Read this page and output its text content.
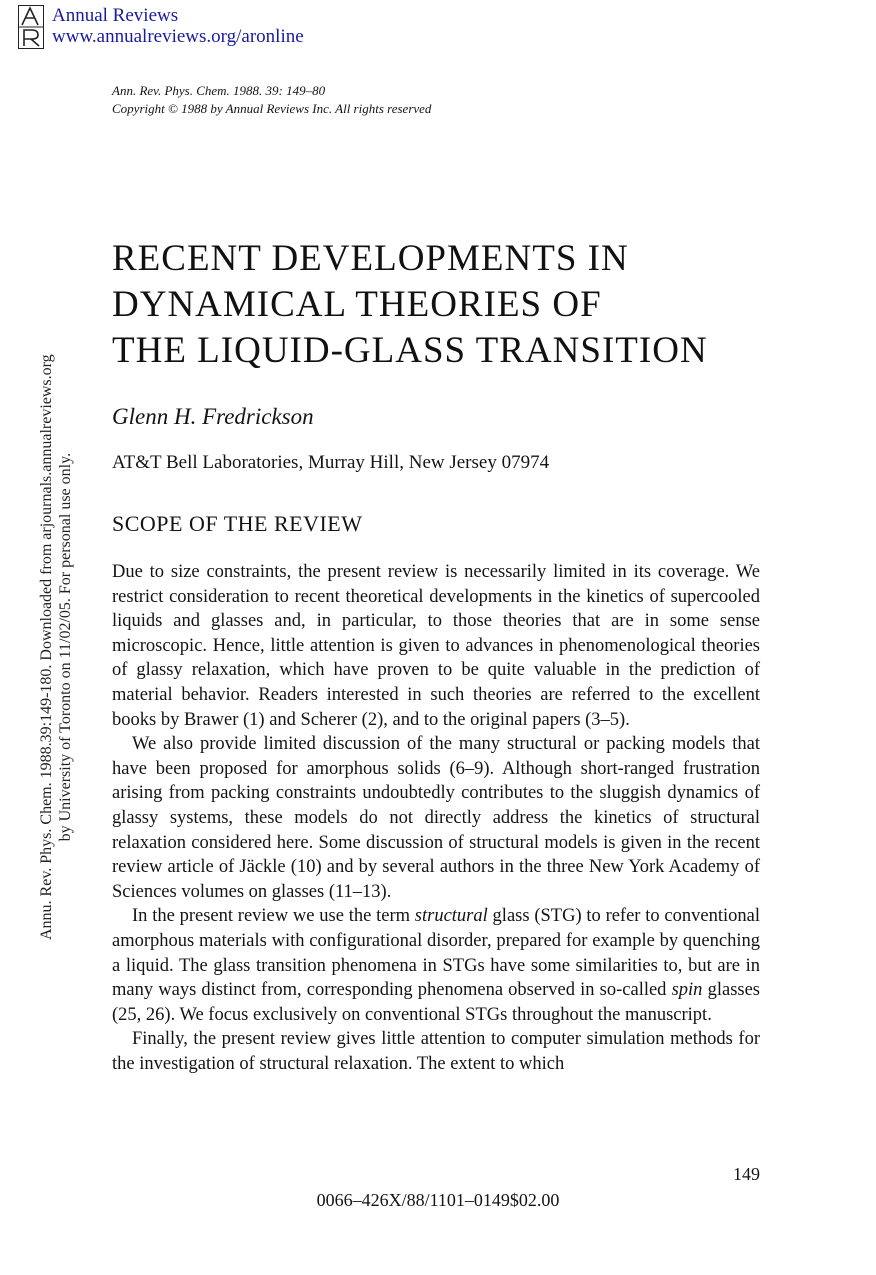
Annual Reviews
www.annualreviews.org/aronline
Annu. Rev. Phys. Chem. 1988.39:149-180. Downloaded from arjournals.annualreviews.org by University of Toronto on 11/02/05. For personal use only.
Ann. Rev. Phys. Chem. 1988. 39: 149–80
Copyright © 1988 by Annual Reviews Inc. All rights reserved
RECENT DEVELOPMENTS IN
DYNAMICAL THEORIES OF
THE LIQUID-GLASS TRANSITION
Glenn H. Fredrickson
AT&T Bell Laboratories, Murray Hill, New Jersey 07974
SCOPE OF THE REVIEW

Due to size constraints, the present review is necessarily limited in its coverage. We restrict consideration to recent theoretical developments in the kinetics of supercooled liquids and glasses and, in particular, to those theories that are in some sense microscopic. Hence, little attention is given to advances in phenomenological theories of glassy relaxation, which have proven to be quite valuable in the prediction of material behavior. Readers interested in such theories are referred to the excellent books by Brawer (1) and Scherer (2), and to the original papers (3–5).

We also provide limited discussion of the many structural or packing models that have been proposed for amorphous solids (6–9). Although short-ranged frustration arising from packing constraints undoubtedly contributes to the sluggish dynamics of glassy systems, these models do not directly address the kinetics of structural relaxation considered here. Some discussion of structural models is given in the recent review article of Jäckle (10) and by several authors in the three New York Academy of Sciences volumes on glasses (11–13).

In the present review we use the term structural glass (STG) to refer to conventional amorphous materials with configurational disorder, prepared for example by quenching a liquid. The glass transition phenomena in STGs have some similarities to, but are in many ways distinct from, corresponding phenomena observed in so-called spin glasses (25, 26). We focus exclusively on conventional STGs throughout the manuscript.

Finally, the present review gives little attention to computer simulation methods for the investigation of structural relaxation. The extent to which

149
0066–426X/88/1101–0149$02.00
